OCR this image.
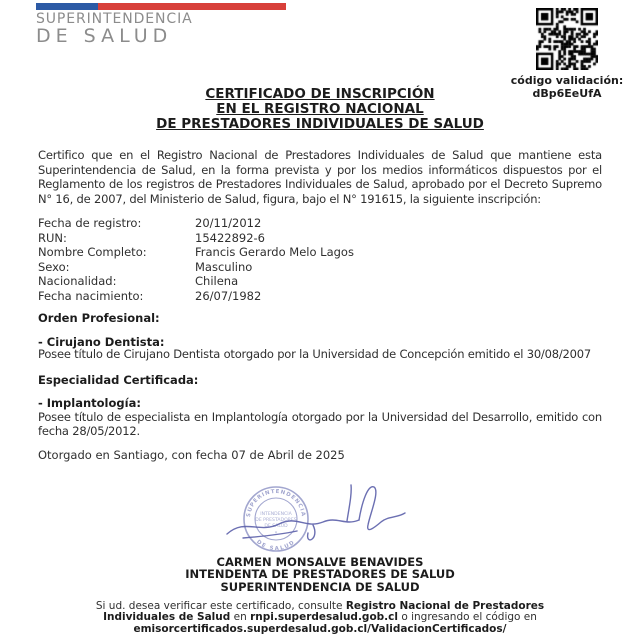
SUPERINTENDENCIA
DE SALUD
código validación:
dBp6EeUfA
CERTIFICADO DE INSCRIPCIÓN
EN EL REGISTRO NACIONAL
DE PRESTADORES INDIVIDUALES DE SALUD
Certifico que en el Registro Nacional de Prestadores Individuales de Salud que mantiene esta Superintendencia de Salud, en la forma prevista y por los medios informáticos dispuestos por el Reglamento de los registros de Prestadores Individuales de Salud, aprobado por el Decreto Supremo N° 16, de 2007, del Ministerio de Salud, figura, bajo el N° 191615, la siguiente inscripción:
Fecha de registro:	20/11/2012
RUN:	15422892-6
Nombre Completo:	Francis Gerardo Melo Lagos
Sexo:	Masculino
Nacionalidad:	Chilena
Fecha nacimiento:	26/07/1982
Orden Profesional:
- Cirujano Dentista:
Posee título de Cirujano Dentista otorgado por la Universidad de Concepción emitido el 30/08/2007
Especialidad Certificada:
- Implantología:
Posee título de especialista en Implantología otorgado por la Universidad del Desarrollo, emitido con fecha 28/05/2012.
Otorgado en Santiago, con fecha 07 de Abril de 2025
SUPERINTENDENCIA
DE SALUD
INTENDENCIA
DE PRESTADORES
DE SALUD
*
CARMEN MONSALVE BENAVIDES
INTENDENTA DE PRESTADORES DE SALUD
SUPERINTENDENCIA DE SALUD
Si ud. desea verificar este certificado, consulte Registro Nacional de Prestadores Individuales de Salud en rnpi.superdesalud.gob.cl o ingresando el código en emisorcertificados.superdesalud.gob.cl/ValidacionCertificados/
